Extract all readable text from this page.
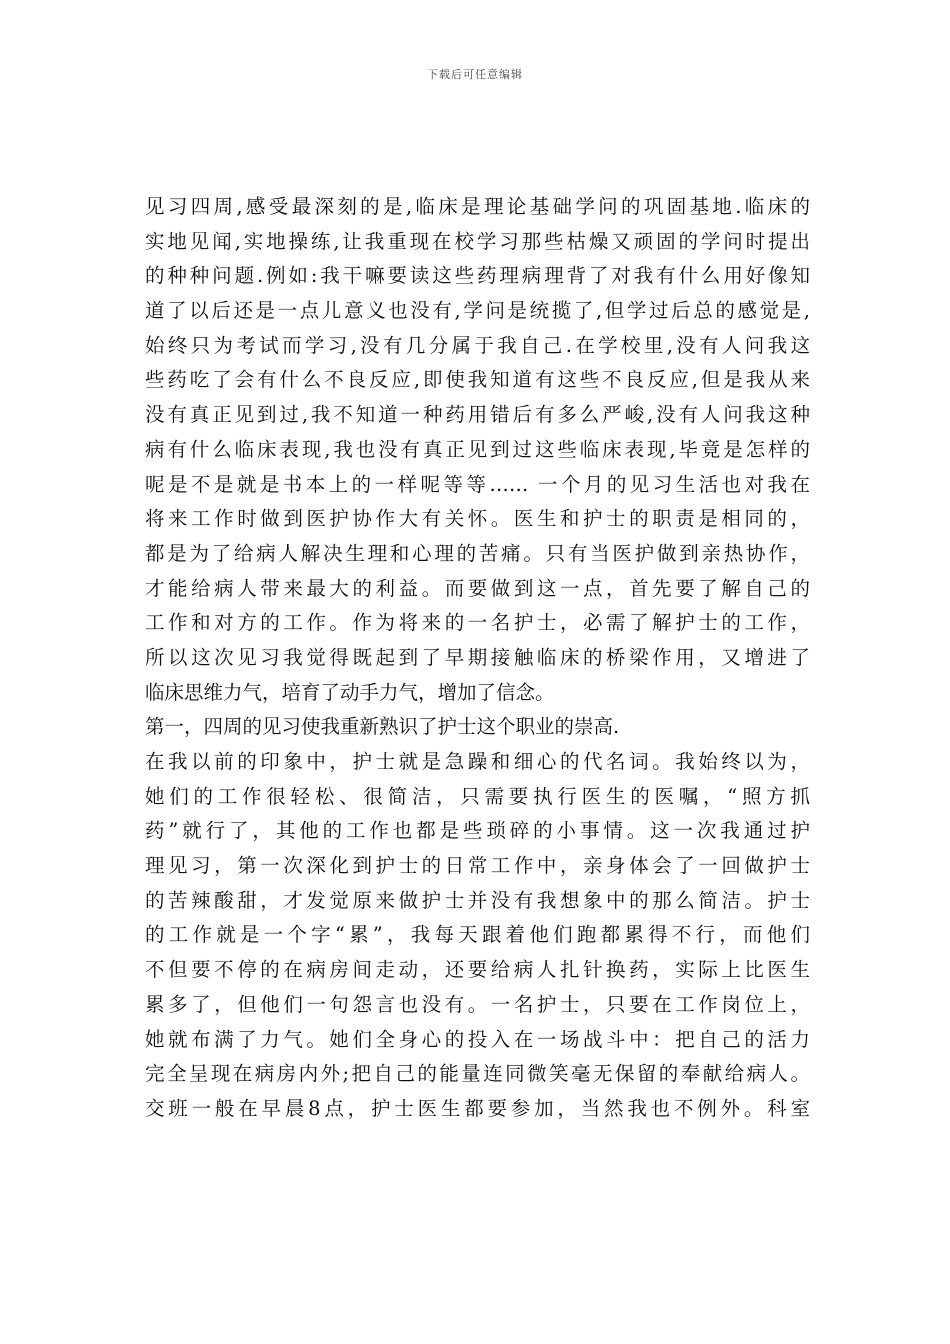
下载后可任意编辑
见习四周,感受最深刻的是,临床是理论基础学问的巩固基地.临床的
实地见闻,实地操练,让我重现在校学习那些枯燥又顽固的学问时提出
的种种问题.例如:我干嘛要读这些药理病理背了对我有什么用好像知
道了以后还是一点儿意义也没有,学问是统揽了,但学过后总的感觉是,
始终只为考试而学习,没有几分属于我自己.在学校里,没有人问我这
些药吃了会有什么不良反应,即使我知道有这些不良反应,但是我从来
没有真正见到过,我不知道一种药用错后有多么严峻,没有人问我这种
病有什么临床表现,我也没有真正见到过这些临床表现,毕竟是怎样的
呢是不是就是书本上的一样呢等等…… 一个月的见习生活也对我在
将来工作时做到医护协作大有关怀。医生和护士的职责是相同的，
都是为了给病人解决生理和心理的苦痛。只有当医护做到亲热协作，
才能给病人带来最大的利益。而要做到这一点，首先要了解自己的
工作和对方的工作。作为将来的一名护士，必需了解护士的工作，
所以这次见习我觉得既起到了早期接触临床的桥梁作用，又增进了
临床思维力气，培育了动手力气，增加了信念。
第一，四周的见习使我重新熟识了护士这个职业的崇高.
在我以前的印象中，护士就是急躁和细心的代名词。我始终以为，
她们的工作很轻松、很简洁，只需要执行医生的医嘱，“照方抓
药”就行了，其他的工作也都是些琐碎的小事情。这一次我通过护
理见习，第一次深化到护士的日常工作中，亲身体会了一回做护士
的苦辣酸甜，才发觉原来做护士并没有我想象中的那么简洁。护士
的工作就是一个字“累”，我每天跟着他们跑都累得不行，而他们
不但要不停的在病房间走动，还要给病人扎针换药，实际上比医生
累多了，但他们一句怨言也没有。一名护士，只要在工作岗位上，
她就布满了力气。她们全身心的投入在一场战斗中：把自己的活力
完全呈现在病房内外;把自己的能量连同微笑毫无保留的奉献给病人。
交班一般在早晨8点，护士医生都要参加，当然我也不例外。科室
